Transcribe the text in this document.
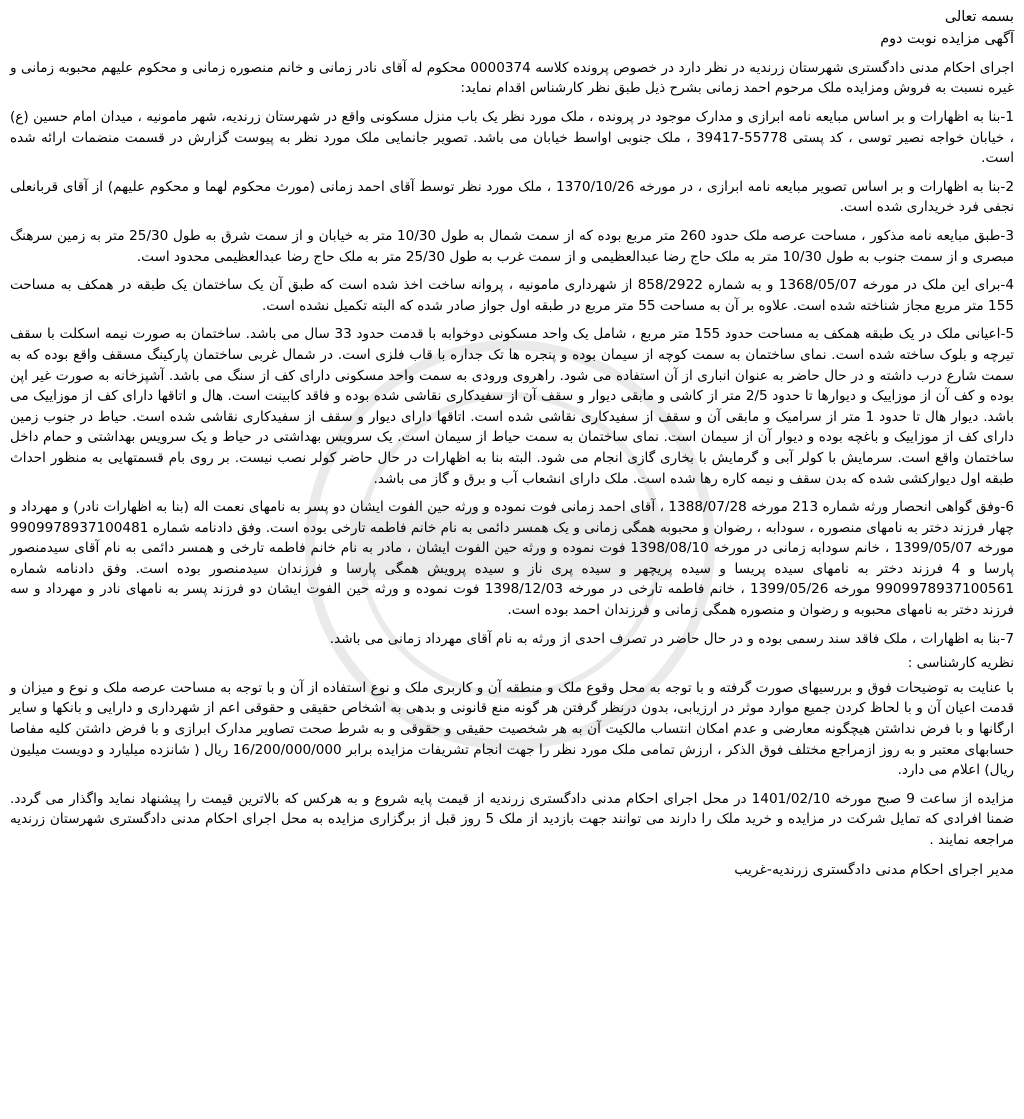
بسمه تعالی

آگهی مزایده نوبت دوم

اجرای احکام مدنی دادگستری شهرستان زرندیه در نظر دارد در خصوص پرونده کلاسه 0000374 محکوم له آقای نادر زمانی و خانم منصوره زمانی و محکوم علیهم محبوبه زمانی و غیره نسبت به فروش ومزایده ملک مرحوم احمد زمانی بشرح ذیل طبق نظر کارشناس اقدام نماید:

1-بنا به اظهارات و بر اساس مبایعه نامه ابرازی و مدارک موجود در پرونده ، ملک مورد نظر یک باب منزل مسکونی واقع در شهرستان زرندیه، شهر مامونیه ، میدان امام حسین (ع) ، خیابان خواجه نصیر توسی ، کد پستی 55778-39417 ، ملک جنوبی اواسط خیابان می باشد. تصویر جانمایی ملک مورد نظر به پیوست گزارش در قسمت منضمات ارائه شده است.

2-بنا به اظهارات و بر اساس تصویر مبایعه نامه ابرازی ، در مورخه 1370/10/26 ، ملک مورد نظر توسط آقای احمد زمانی (مورث محکوم لهما و محکوم علیهم) از آقای قربانعلی نجفی فرد خریداری شده است.

3-طبق مبایعه نامه مذکور ، مساحت عرصه ملک حدود 260 متر مربع بوده که از سمت شمال به طول 10/30 متر به خیابان و از سمت شرق به طول 25/30 متر به زمین سرهنگ مبصری و از سمت جنوب به طول 10/30 متر به ملک حاج رضا عبدالعظیمی و از سمت غرب به طول 25/30 متر به ملک حاج رضا عبدالعظیمی محدود است.

4-برای این ملک در مورخه 1368/05/07 و به شماره 858/2922 از شهرداری مامونیه ، پروانه ساخت اخذ شده است که طبق آن یک ساختمان یک طبقه در همکف به مساحت 155 متر مربع مجاز شناخته شده است. علاوه بر آن به مساحت 55 متر مربع در طبقه اول جواز صادر شده که البته تکمیل نشده است.

5-اعیانی ملک در یک طبقه همکف به مساحت حدود 155 متر مربع ، شامل یک واحد مسکونی دوخوابه با قدمت حدود 33 سال می باشد. ساختمان به صورت نیمه اسکلت با سقف تیرچه و بلوک ساخته شده است. نمای ساختمان به سمت کوچه از سیمان بوده و پنجره ها تک جداره با قاب فلزی است. در شمال غربی ساختمان پارکینگ مسقف واقع بوده که به سمت شارع درب داشته و در حال حاضر به عنوان انباری از آن استفاده می شود. راهروی ورودی به سمت واحد مسکونی دارای کف از سنگ می باشد. آشپزخانه به صورت غیر اپن بوده و کف آن از موزاییک و دیوارها تا حدود 2/5 متر از کاشی و مابقی دیوار و سقف آن از سفیدکاری نقاشی شده بوده و فاقد کابینت است. هال و اتاقها دارای کف از موزاییک می باشد. دیوار هال تا حدود 1 متر از سرامیک و مابقی آن و سقف از سفیدکاری نقاشی شده است. اتاقها دارای دیوار و سقف از سفیدکاری نقاشی شده است. حیاط در جنوب زمین دارای کف از موزاییک و باغچه بوده و دیوار آن از سیمان است. نمای ساختمان به سمت حیاط از سیمان است. یک سرویس بهداشتی در حیاط و یک سرویس بهداشتی و حمام داخل ساختمان واقع است. سرمایش با کولر آبی و گرمایش با بخاری گازی انجام می شود. البته بنا به اظهارات در حال حاضر کولر نصب نیست. بر روی بام قسمتهایی به منظور احداث طبقه اول دیوارکشی شده که بدن سقف و نیمه کاره رها شده است. ملک دارای انشعاب آب و برق و گاز می باشد.

6-وفق گواهی انحصار ورثه شماره 213 مورخه 1388/07/28 ، آقای احمد زمانی فوت نموده و ورثه حین الفوت ایشان دو پسر به نامهای نعمت اله (بنا به اظهارات نادر) و مهرداد و چهار فرزند دختر به نامهای منصوره ، سودابه ، رضوان و محبوبه همگی زمانی و یک همسر دائمی به نام خانم فاطمه تارخی بوده است. وفق دادنامه شماره 9909978937100481 مورخه 1399/05/07 ، خانم سودابه زمانی در مورخه 1398/08/10 فوت نموده و ورثه حین الفوت ایشان ، مادر به نام خانم فاطمه تارخی و همسر دائمی به نام آقای سیدمنصور پارسا و 4 فرزند دختر به نامهای سیده پریسا و سیده پریچهر و سیده پری ناز و سیده پرویش همگی پارسا و فرزندان سیدمنصور بوده است. وفق دادنامه شماره 9909978937100561 مورخه 1399/05/26 ، خانم فاطمه تارخی در مورخه 1398/12/03 فوت نموده و ورثه حین الفوت ایشان دو فرزند پسر به نامهای نادر و مهرداد و سه فرزند دختر به نامهای محبوبه و رضوان و منصوره همگی زمانی و فرزندان احمد بوده است.

7-بنا به اظهارات ، ملک فاقد سند رسمی بوده و در حال حاضر در تصرف احدی از ورثه به نام آقای مهرداد زمانی می باشد.

نظریه کارشناسی :

با عنایت به توضیحات فوق و بررسیهای صورت گرفته و با توجه به محل وقوع ملک و منطقه آن و کاربری ملک و نوع استفاده از آن و با توجه به مساحت عرصه ملک و نوع و میزان و قدمت اعیان آن و با لحاظ کردن جمیع موارد موثر در ارزیابی، بدون درنظر گرفتن هر گونه منع قانونی و بدهی به اشخاص حقیقی و حقوقی اعم از شهرداری و دارایی و بانکها و سایر ارگانها و با فرض نداشتن هیچگونه معارضی و عدم امکان انتساب مالکیت آن به هر شخصیت حقیقی و حقوقی و به شرط صحت تصاویر مدارک ابرازی و با فرض داشتن کلیه مفاصا حسابهای معتبر و به روز ازمراجع مختلف فوق الذکر ، ارزش تمامی ملک مورد نظر را جهت انجام تشریفات مزایده برابر 16/200/000/000 ریال ( شانزده میلیارد و دویست میلیون ریال) اعلام می دارد.

مزایده از ساعت 9 صبح مورخه 1401/02/10 در محل اجرای احکام مدنی دادگستری زرندیه از قیمت پایه شروع و به هرکس که بالاترین قیمت را پیشنهاد نماید واگذار می گردد. ضمنا افرادی که تمایل شرکت در مزایده و خرید ملک را دارند می توانند جهت بازدید از ملک 5 روز قبل از برگزاری مزایده به محل اجرای احکام مدنی دادگستری شهرستان زرندیه مراجعه نمایند .

مدیر اجرای احکام مدنی دادگستری زرندیه-غریب
